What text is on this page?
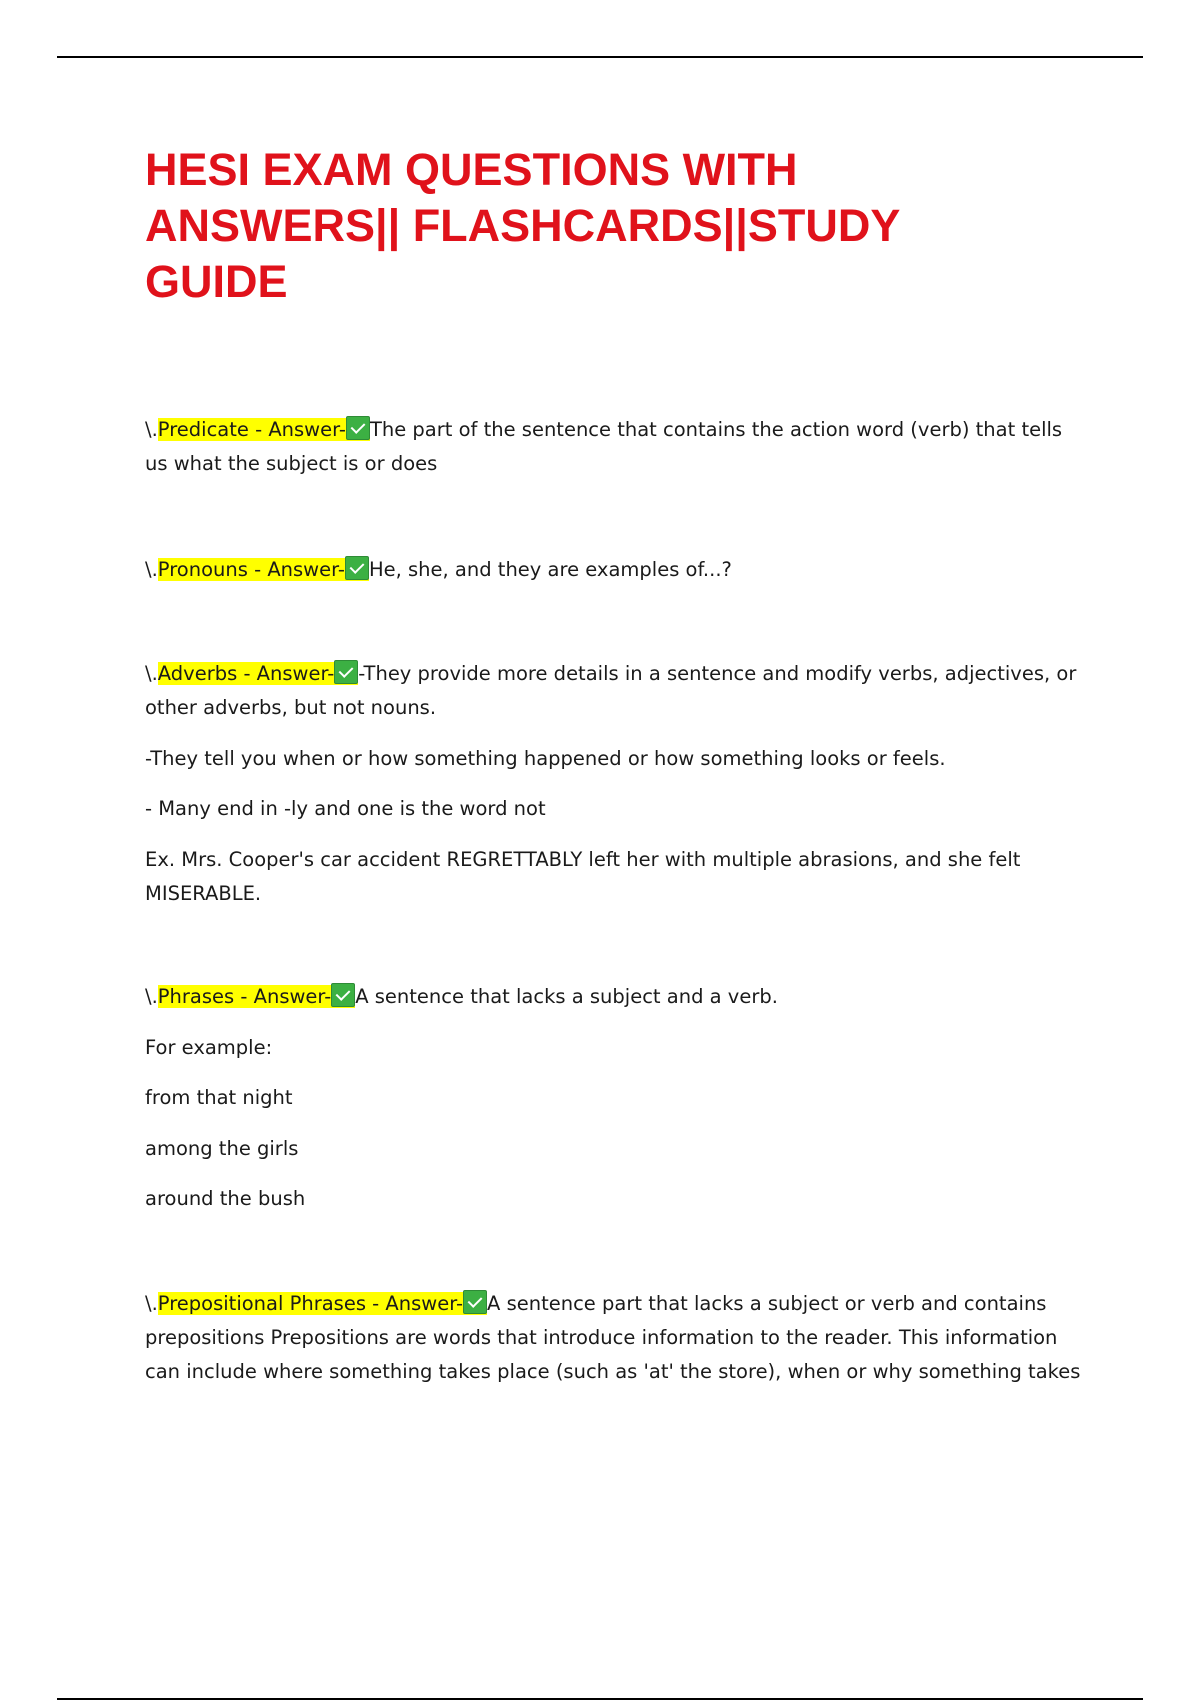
HESI EXAM QUESTIONS WITH ANSWERS|| FLASHCARDS||STUDY GUIDE

\.Predicate - Answer- The part of the sentence that contains the action word (verb) that tells us what the subject is or does

\.Pronouns - Answer- He, she, and they are examples of...?

\.Adverbs - Answer- -They provide more details in a sentence and modify verbs, adjectives, or other adverbs, but not nouns.

-They tell you when or how something happened or how something looks or feels.

- Many end in -ly and one is the word not

Ex. Mrs. Cooper's car accident REGRETTABLY left her with multiple abrasions, and she felt MISERABLE.

\.Phrases - Answer- A sentence that lacks a subject and a verb.

For example:

from that night

among the girls

around the bush

\.Prepositional Phrases - Answer- A sentence part that lacks a subject or verb and contains prepositions Prepositions are words that introduce information to the reader. This information can include where something takes place (such as 'at' the store), when or why something takes
